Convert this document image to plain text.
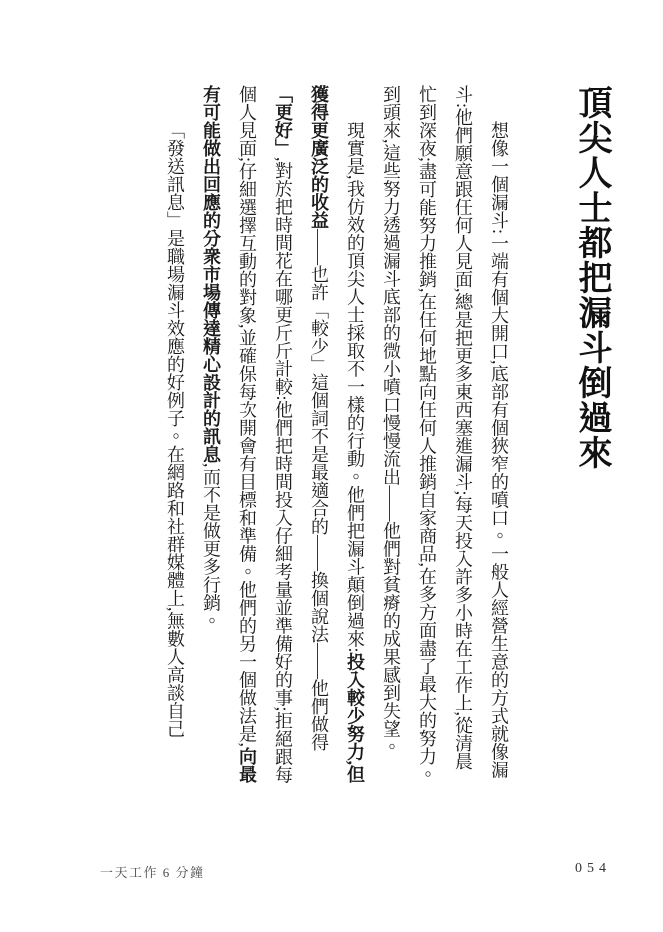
頂尖人士都把漏斗倒過來

想像一個漏斗:一端有個大開口,底部有個狹窄的噴口。一般人經營生意的方式就像漏斗:他們願意跟任何人見面,總是把更多東西塞進漏斗;每天投入許多小時在工作上,從清晨忙到深夜;盡可能努力推銷,在任何地點向任何人推銷自家商品,在多方面盡了最大的努力。到頭來,這些努力透過漏斗底部的微小噴口慢慢流出——他們對貧瘠的成果感到失望。

現實是,我仿效的頂尖人士採取不一樣的行動。他們把漏斗顛倒過來:投入較少努力,但獲得更廣泛的收益——也許「較少」這個詞不是最適合的——換個說法——他們做得「更好」,對於把時間花在哪更斤斤計較:他們把時間投入仔細考量並準備好的事;拒絕跟每個人見面;仔細選擇互動的對象,並確保每次開會有目標和準備。他們的另一個做法是,向最有可能做出回應的分衆市場傳達精心設計的訊息,而不是做更多行銷。

「發送訊息」是職場漏斗效應的好例子。在網路和社群媒體上,無數人高談自己

一天工作 6 分鐘	054
